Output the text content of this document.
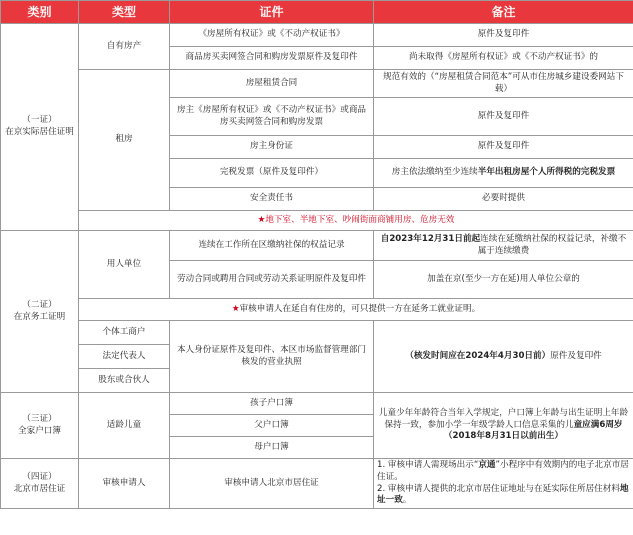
类别	类型	证件	备注
（一证）
在京实际居住证明	自有房产	《房屋所有权证》或《不动产权证书》	原件及复印件
		商品房买卖网签合同和购房发票原件及复印件	尚未取得《房屋所有权证》或《不动产权证书》的
	租房	房屋租赁合同	规范有效的（“房屋租赁合同范本”可从市住房城乡建设委网站下载）
		房主《房屋所有权证》或《不动产权证书》或商品房买卖网签合同和购房发票	原件及复印件
		房主身份证	原件及复印件
		完税发票（原件及复印件）	房主依法缴纳至少连续半年出租房屋个人所得税的完税发票
		安全责任书	必要时提供
	★地下室、半地下室、吵闹街面商铺用房、危房无效		
（二证）
在京务工证明	用人单位	连续在工作所在区缴纳社保的权益记录	自2023年12月31日前起连续在延缴纳社保的权益记录，补缴不属于连续缴费
		劳动合同或聘用合同或劳动关系证明原件及复印件	加盖在京(至少一方在延)用人单位公章的
	★审核申请人在延自有住房的，可只提供一方在延务工就业证明。		
	个体工商户	本人身份证原件及复印件、本区市场监督管理部门核发的营业执照	（核发时间应在2024年4月30日前）原件及复印件
	法定代表人		
	股东或合伙人		
（三证）
全家户口簿	适龄儿童	孩子户口簿	儿童少年年龄符合当年入学规定，户口簿上年龄与出生证明上年龄保持一致，参加小学一年级学龄人口信息采集的儿童应满6周岁（2018年8月31日以前出生）
		父户口簿	
		母户口簿	
（四证）
北京市居住证	审核申请人	审核申请人北京市居住证	1. 审核申请人需现场出示“京通”小程序中有效期内的电子北京市居住证。
2. 审核申请人提供的北京市居住证地址与在延实际住所居住材料地址一致。
